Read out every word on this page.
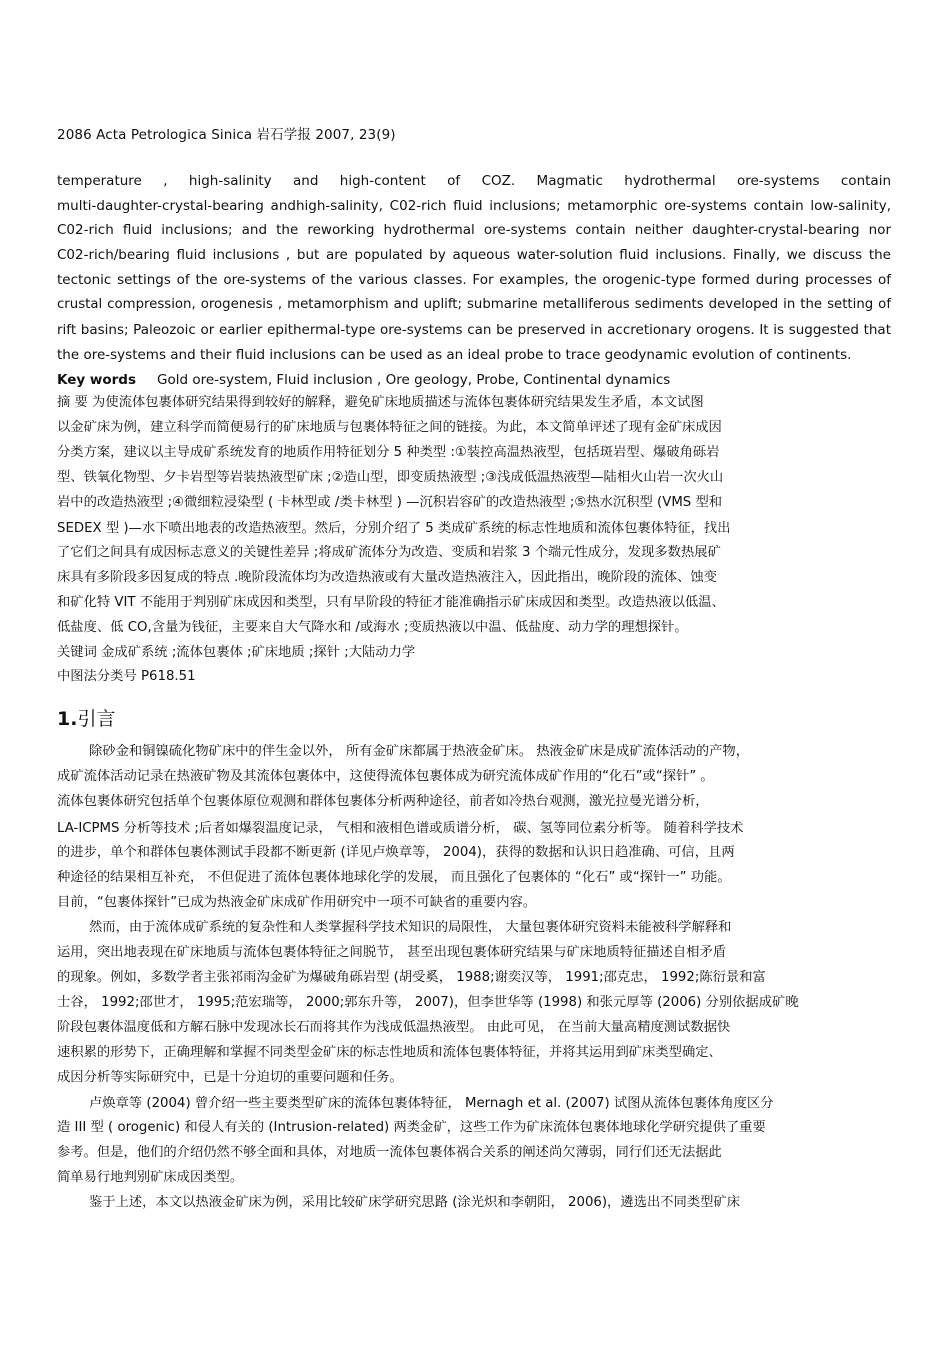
2086 Acta Petrologica Sinica 岩石学报 2007, 23(9)
temperature , high-salinity and high-content of COZ. Magmatic hydrothermal ore-systems contain
multi-daughter-crystal-bearing andhigh-salinity, C02-rich fluid inclusions; metamorphic ore-systems contain low-salinity,
C02-rich fluid inclusions; and the reworking hydrothermal ore-systems contain neither daughter-crystal-bearing nor
C02-rich/bearing fluid inclusions , but are populated by aqueous water-solution fluid inclusions. Finally, we discuss the
tectonic settings of the ore-systems of the various classes. For examples, the orogenic-type formed during processes of
crustal compression, orogenesis , metamorphism and uplift; submarine metalliferous sediments developed in the setting of
rift basins; Paleozoic or earlier epithermal-type ore-systems can be preserved in accretionary orogens. It is suggested that
the ore-systems and their fluid inclusions can be used as an ideal probe to trace geodynamic evolution of continents.
Key words Gold ore-system, Fluid inclusion , Ore geology, Probe, Continental dynamics
摘 要 为使流体包裹体研究结果得到较好的解释，避免矿床地质描述与流体包裹体研究结果发生矛盾，本文试图
以金矿床为例，建立科学而简便易行的矿床地质与包裹体特征之间的链接。为此，本文简单评述了现有金矿床成因
分类方案，建议以主导成矿系统发育的地质作用特征划分 5 种类型 :①装控高温热液型，包括斑岩型、爆破角砾岩
型、铁氧化物型、夕卡岩型等岩装热液型矿床 ;②造山型，即变质热液型 ;③浅成低温热液型—陆相火山岩一次火山
岩中的改造热液型 ;④微细粒浸染型 ( 卡林型或 /类卡林型 ) —沉积岩容矿的改造热液型 ;⑤热水沉积型 (VMS 型和
SEDEX 型 )—水下喷出地表的改造热液型。然后，分别介绍了 5 类成矿系统的标志性地质和流体包裹体特征，找出
了它们之间具有成因标志意义的关键性差异 ;将成矿流体分为改造、变质和岩浆 3 个端元性成分，发现多数热展矿
床具有多阶段多因复成的特点 .晚阶段流体均为改造热液或有大量改造热液注入，因此指出，晚阶段的流体、蚀变
和矿化特 VIT 不能用于判别矿床成因和类型，只有早阶段的特征才能准确指示矿床成因和类型。改造热液以低温、
低盐度、低 CO,含量为钱征，主要来自大气降水和 /或海水 ;变质热液以中温、低盐度、动力学的理想探针。
关键词 金成矿系统 ;流体包裹体 ;矿床地质 ;探针 ;大陆动力学
中图法分类号 P618.51
1.引言
除砂金和铜镍硫化物矿床中的伴生金以外， 所有金矿床都属于热液金矿床。 热液金矿床是成矿流体活动的产物，
成矿流体活动记录在热液矿物及其流体包裹体中，这使得流体包裹体成为研究流体成矿作用的“化石”或“探针” 。
流体包裹体研究包括单个包裹体原位观测和群体包裹体分析两种途径，前者如冷热台观测，激光拉曼光谱分析，
LA-ICPMS 分析等技术 ;后者如爆裂温度记录， 气相和液相色谱或质谱分析， 碳、氢等同位素分析等。 随着科学技术
的进步，单个和群体包裹体测试手段都不断更新 (详见卢焕章等， 2004)，获得的数据和认识日趋准确、可信，且两
种途径的结果相互补充， 不但促进了流体包裹体地球化学的发展， 而且强化了包裹体的 “化石” 或“探针一” 功能。
目前，“包裹体探针”已成为热液金矿床成矿作用研究中一项不可缺省的重要内容。
然而，由于流体成矿系统的复杂性和人类掌握科学技术知识的局限性， 大量包裹体研究资料未能被科学解释和
运用，突出地表现在矿床地质与流体包裹体特征之间脱节， 甚至出现包裹体研究结果与矿床地质特征描述自相矛盾
的现象。例如，多数学者主张祁雨沟金矿为爆破角砾岩型 (胡受奚， 1988;谢奕汉等， 1991;邵克忠， 1992;陈衍景和富
士谷， 1992;邵世才， 1995;范宏瑞等， 2000;郭东升等， 2007)，但李世华等 (1998) 和张元厚等 (2006) 分别依据成矿晚
阶段包裹体温度低和方解石脉中发现冰长石而将其作为浅成低温热液型。 由此可见， 在当前大量高精度测试数据快
速积累的形势下，正确理解和掌握不同类型金矿床的标志性地质和流体包裹体特征，并将其运用到矿床类型确定、
成因分析等实际研究中，已是十分迫切的重要问题和任务。
卢焕章等 (2004) 曾介绍一些主要类型矿床的流体包裹体特征， Mernagh et al. (2007) 试图从流体包裹体角度区分
造 III 型 ( orogenic) 和侵人有关的 (Intrusion-related) 两类金矿，这些工作为矿床流体包裹体地球化学研究提供了重要
参考。但是，他们的介绍仍然不够全面和具体，对地质一流体包裹体祸合关系的阐述尚欠薄弱，同行们还无法据此
简单易行地判别矿床成因类型。
鉴于上述，本文以热液金矿床为例，采用比较矿床学研究思路 (涂光炽和李朝阳， 2006)，遴选出不同类型矿床
